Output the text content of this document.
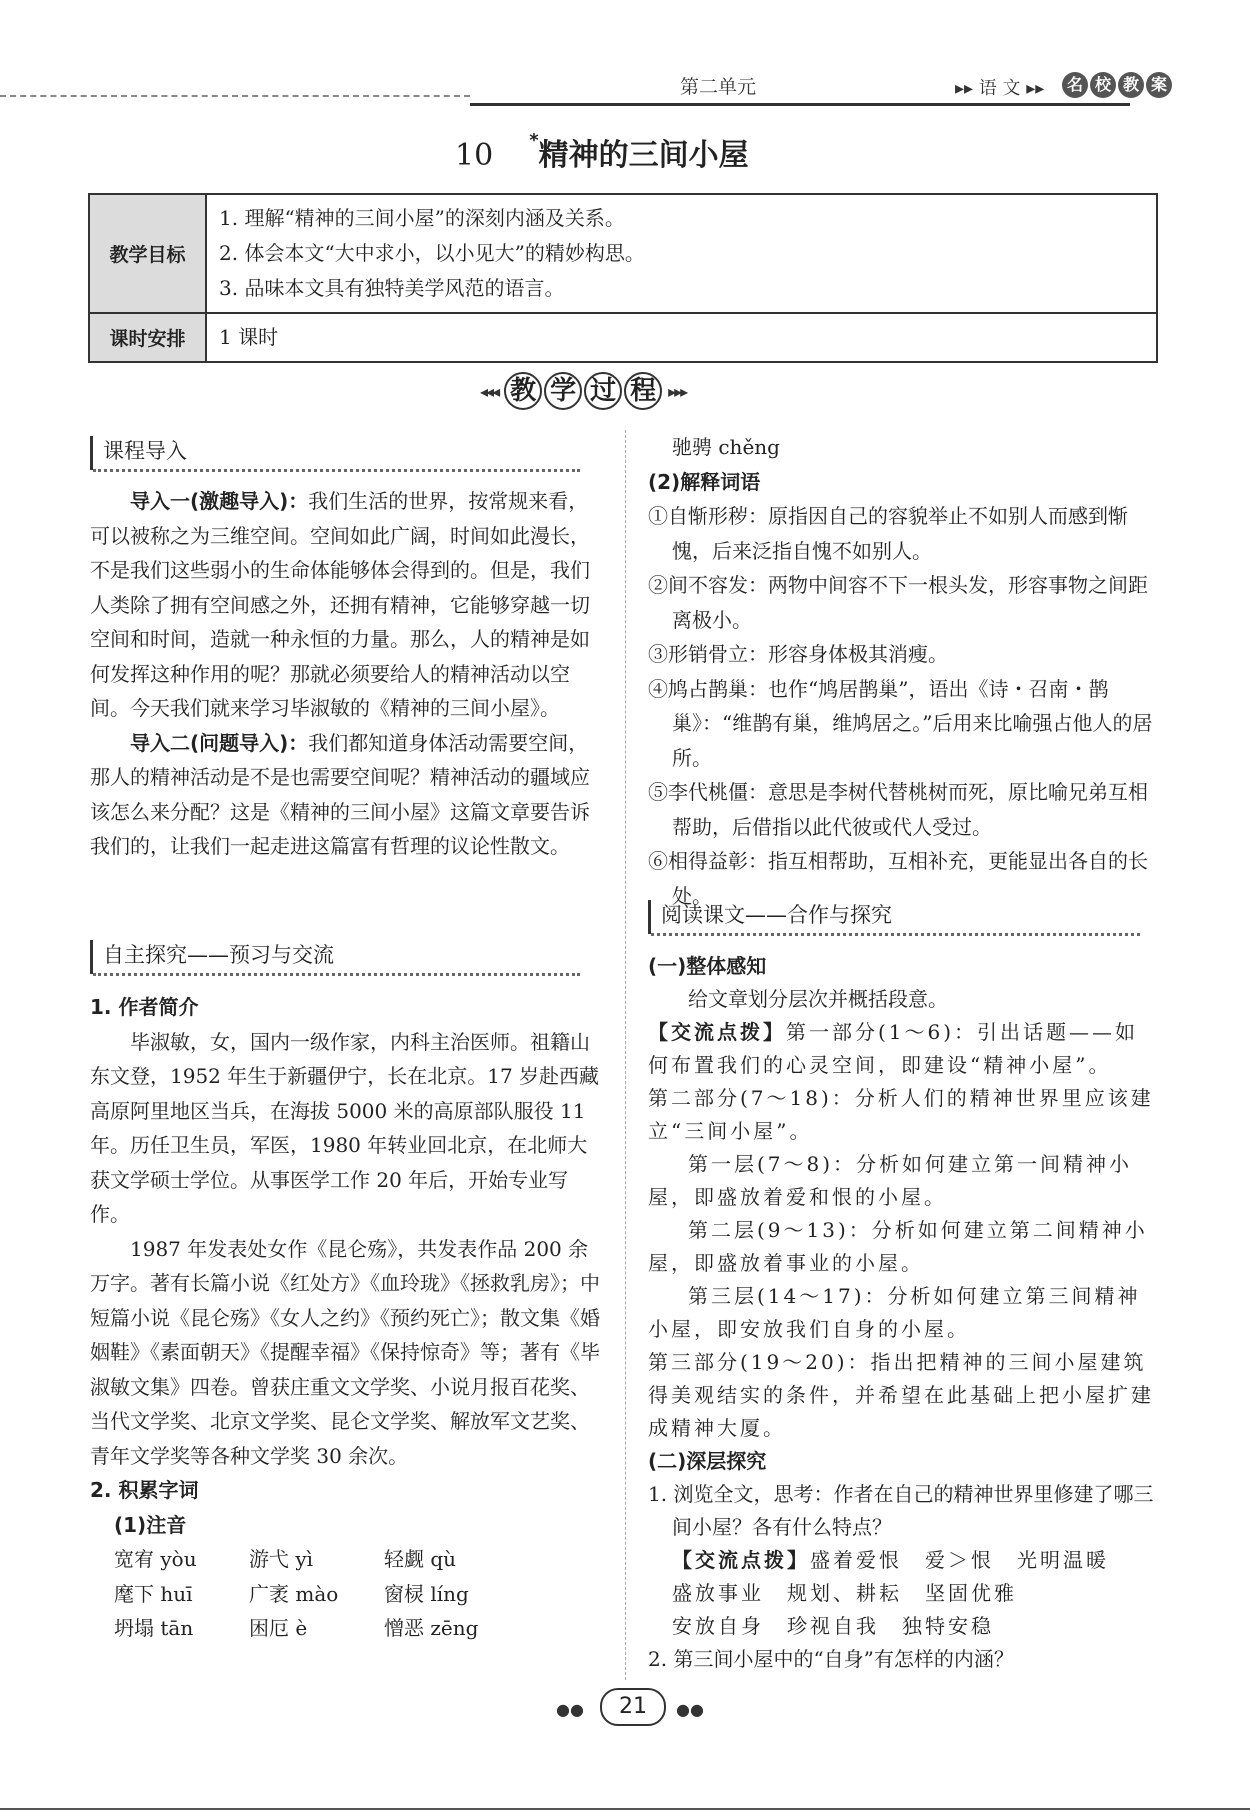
第二单元	▸▸ 语 文 ▸▸	名 校 教 案
10 *精神的三间小屋
教学目标	1. 理解“精神的三间小屋”的深刻内涵及关系。
2. 体会本文“大中求小，以小见大”的精妙构思。
3. 品味本文具有独特美学风范的语言。

课时安排	1 课时
◂◂◂ 教 学 过 程 ▸▸▸
课程导入

导入一(激趣导入)：我们生活的世界，按常规来看，可以被称之为三维空间。空间如此广阔，时间如此漫长，不是我们这些弱小的生命体能够体会得到的。但是，我们人类除了拥有空间感之外，还拥有精神，它能够穿越一切空间和时间，造就一种永恒的力量。那么，人的精神是如何发挥这种作用的呢？那就必须要给人的精神活动以空间。今天我们就来学习毕淑敏的《精神的三间小屋》。

导入二(问题导入)：我们都知道身体活动需要空间，那人的精神活动是不是也需要空间呢？精神活动的疆域应该怎么来分配？这是《精神的三间小屋》这篇文章要告诉我们的，让我们一起走进这篇富有哲理的议论性散文。

自主探究——预习与交流

1. 作者简介

毕淑敏，女，国内一级作家，内科主治医师。祖籍山东文登，1952 年生于新疆伊宁，长在北京。17 岁赴西藏高原阿里地区当兵，在海拔 5000 米的高原部队服役 11 年。历任卫生员，军医，1980 年转业回北京，在北师大获文学硕士学位。从事医学工作 20 年后，开始专业写作。

1987 年发表处女作《昆仑殇》，共发表作品 200 余万字。著有长篇小说《红处方》《血玲珑》《拯救乳房》；中短篇小说《昆仑殇》《女人之约》《预约死亡》；散文集《婚姻鞋》《素面朝天》《提醒幸福》《保持惊奇》等；著有《毕淑敏文集》四卷。曾获庄重文文学奖、小说月报百花奖、当代文学奖、北京文学奖、昆仑文学奖、解放军文艺奖、青年文学奖等各种文学奖 30 余次。

2. 积累字词

(1)注音

宽宥 yòu	游弋 yì	轻觑 qù
麾下 huī	广袤 mào	窗棂 líng
坍塌 tān	困厄 è	憎恶 zēng

驰骋 chěng

(2)解释词语

①自惭形秽：原指因自己的容貌举止不如别人而感到惭愧，后来泛指自愧不如别人。

②间不容发：两物中间容不下一根头发，形容事物之间距离极小。

③形销骨立：形容身体极其消瘦。

④鸠占鹊巢：也作“鸠居鹊巢”，语出《诗・召南・鹊巢》：“维鹊有巢，维鸠居之。”后用来比喻强占他人的居所。

⑤李代桃僵：意思是李树代替桃树而死，原比喻兄弟互相帮助，后借指以此代彼或代人受过。

⑥相得益彰：指互相帮助，互相补充，更能显出各自的长处。

阅读课文——合作与探究

(一)整体感知

给文章划分层次并概括段意。

【交流点拨】第一部分(1～6)：引出话题——如何布置我们的心灵空间，即建设“精神小屋”。

第二部分(7～18)：分析人们的精神世界里应该建立“三间小屋”。

第一层(7～8)：分析如何建立第一间精神小屋，即盛放着爱和恨的小屋。

第二层(9～13)：分析如何建立第二间精神小屋，即盛放着事业的小屋。

第三层(14～17)：分析如何建立第三间精神小屋，即安放我们自身的小屋。

第三部分(19～20)：指出把精神的三间小屋建筑得美观结实的条件，并希望在此基础上把小屋扩建成精神大厦。

(二)深层探究

1. 浏览全文，思考：作者在自己的精神世界里修建了哪三间小屋？各有什么特点？

【交流点拨】盛着爱恨　爱＞恨　光明温暖

盛放事业　规划、耕耘　坚固优雅

安放自身　珍视自我　独特安稳

2. 第三间小屋中的“自身”有怎样的内涵？

●●	21	●●
